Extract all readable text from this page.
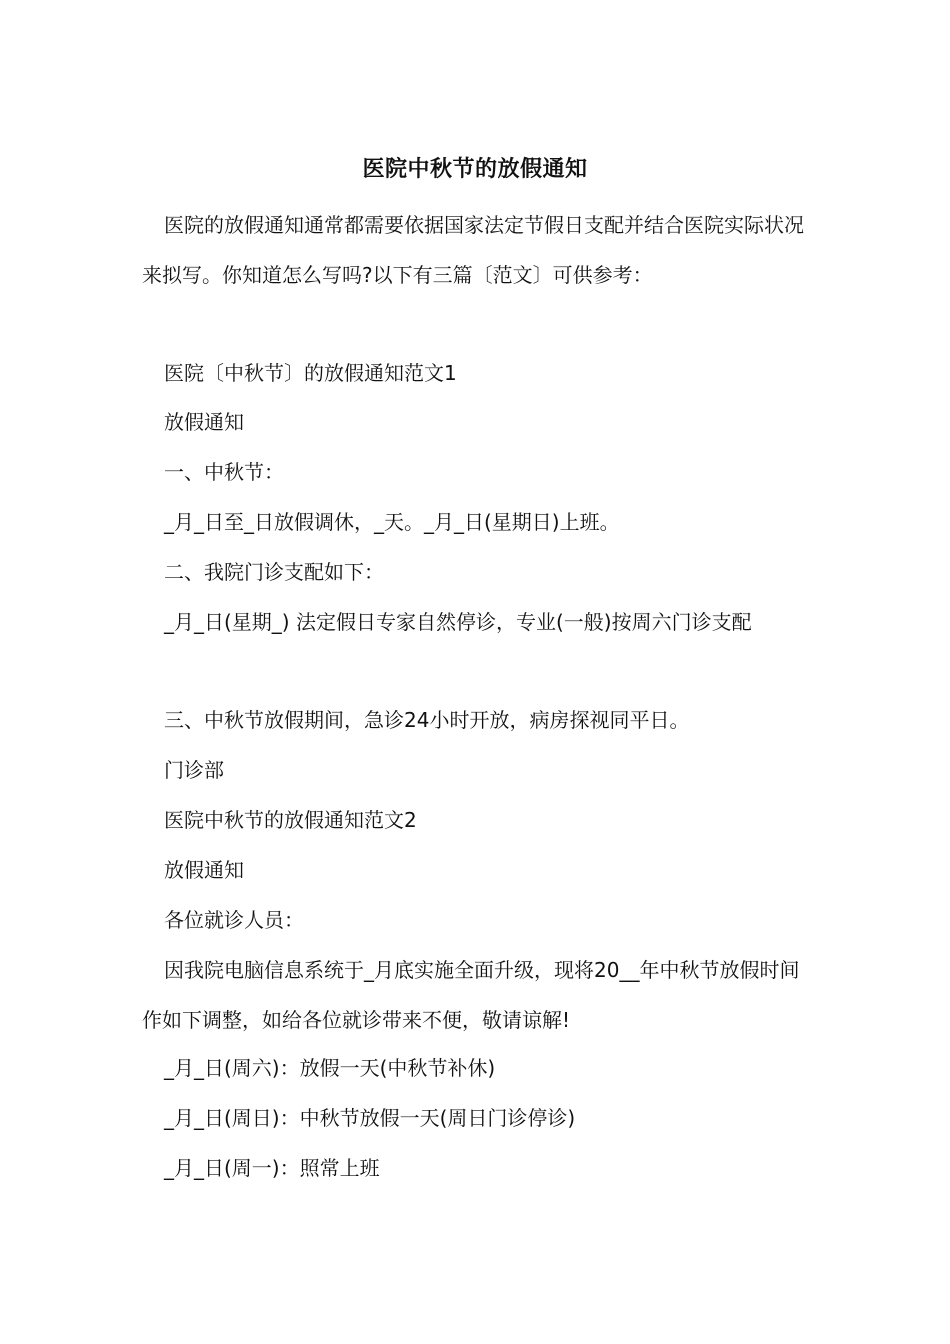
医院中秋节的放假通知

医院的放假通知通常都需要依据国家法定节假日支配并结合医院实际状况来拟写。你知道怎么写吗?以下有三篇〔范文〕可供参考：

医院〔中秋节〕的放假通知范文1

放假通知

一、中秋节：

_月_日至_日放假调休，_天。_月_日(星期日)上班。

二、我院门诊支配如下：

_月_日(星期_) 法定假日专家自然停诊，专业(一般)按周六门诊支配

三、中秋节放假期间，急诊24小时开放，病房探视同平日。

门诊部

医院中秋节的放假通知范文2

放假通知

各位就诊人员：

因我院电脑信息系统于_月底实施全面升级，现将20__年中秋节放假时间作如下调整，如给各位就诊带来不便，敬请谅解!

_月_日(周六)：放假一天(中秋节补休)

_月_日(周日)：中秋节放假一天(周日门诊停诊)

_月_日(周一)：照常上班
